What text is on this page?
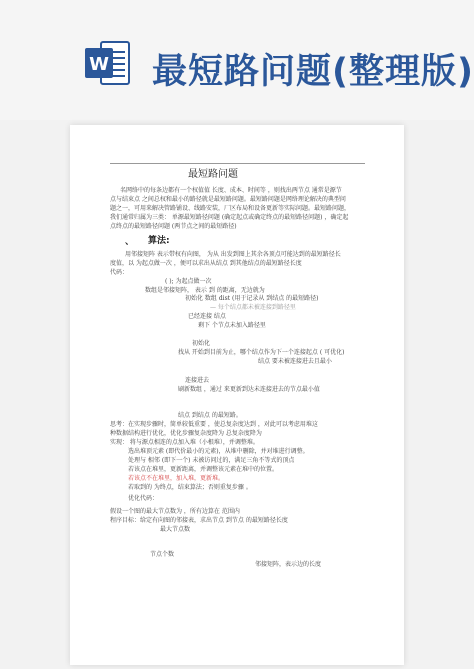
W 最短路问题(整理版)
最短路问题
名网络中的每条边都有一个权值值 长度、成本、时间等 ，则找出两节点 通常是源节
点与结束点 之间总权和最小的路径就是最短路问题。最短路问题是网络理论解决的典型问
题之一，可用来解决管路铺设、线路安装，厂区布局和设备更新等实际问题。最短路问题，
我们通常归属为三类： 单源最短路径问题 (确定起点或确定终点的最短路径问题) ，确定起
点终点的最短路径问题 (两节点之间的最短路径)
、 算法:
用邻接矩阵 表示带权有向图， 为从 出发到图上其余各顶点可能达到的最短路径长
度值，以 为起点做一次 ，便可以求出从结点 到其他结点的最短路径长度
代码：
( ); 为起点做一次
数组是邻接矩阵， 表示 到 的距离，无边就为
初始化 数组 dist (用于记录从 到结点 的最短路径)
— 每个结点都未被连接到路径里
已经连接 结点
剩下 个节点未加入路径里
初始化
找从 开始到目前为止，哪个结点作为下一个连接起点 ( 可优化)
结点 要未被连接进去且最小
连接进去
刷新数组 ，通过 来更新到达未连接进去的节点最小值
结点 到结点 的最短路。
思考：在实现步骤时，简单较低重要 ，使总复杂度达到 ，对此可以考虑用堆这
种数据结构进行优化，优化步骤复杂度降为 总复杂度降为
实现： 将与源点相连的点加入堆（小根堆），并调整堆。
选出堆顶元素 (即代价最小的元素)，从堆中删除，并对堆进行调整。
处理与 相邻 (即下一个) 未被访问过的，满足三角不等式的顶点
若该点在堆里，更新距离，并调整该元素在堆中的位置。
若该点不在堆里，加入堆，更新堆。
若取到的 为终点，结束算法；否则重复步骤 。
优化代码：
假设一个图的最大节点数为 ，所有边算在 范围内
程序目标：给定有向图的邻接表，求出节点 到节点 的最短路径长度
最大节点数
节点个数
邻接矩阵，表示边的长度
